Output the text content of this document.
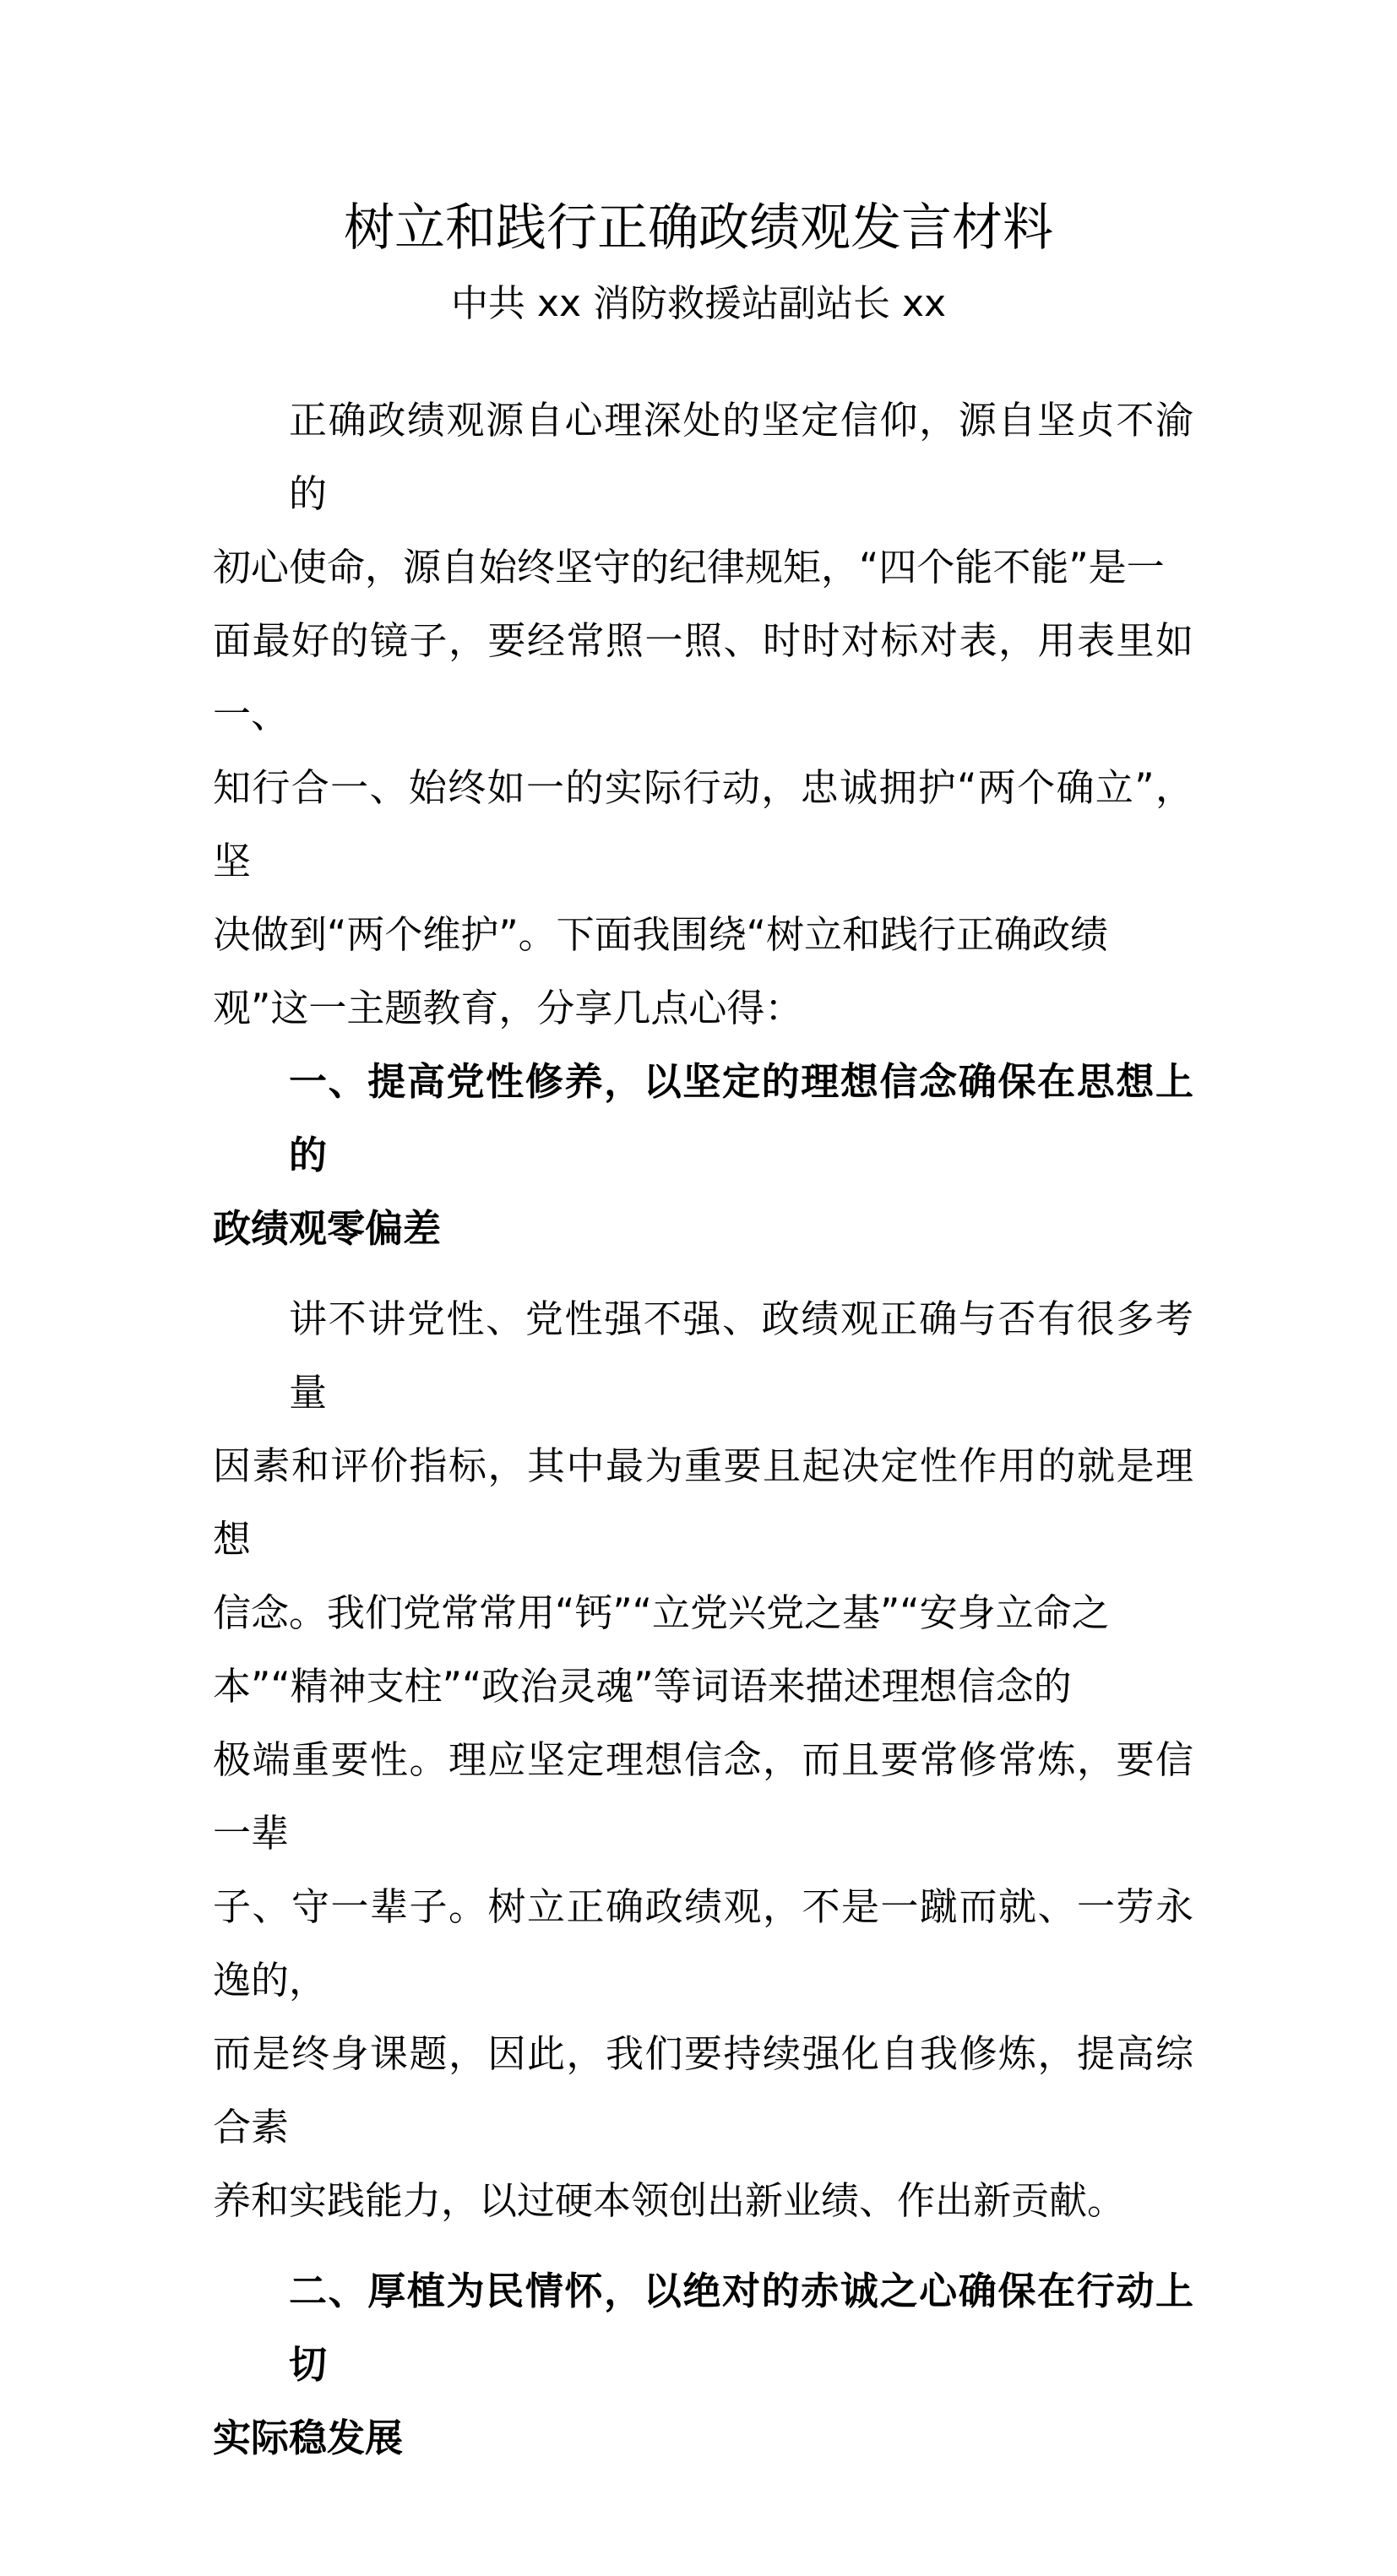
树立和践行正确政绩观发言材料
中共 xx 消防救援站副站长 xx
正确政绩观源自心理深处的坚定信仰，源自坚贞不渝的
初心使命，源自始终坚守的纪律规矩，“四个能不能”是一
面最好的镜子，要经常照一照、时时对标对表，用表里如一、
知行合一、始终如一的实际行动，忠诚拥护“两个确立”，坚
决做到“两个维护”。下面我围绕“树立和践行正确政绩
观”这一主题教育，分享几点心得：
一、提高党性修养，以坚定的理想信念确保在思想上的
政绩观零偏差
讲不讲党性、党性强不强、政绩观正确与否有很多考量
因素和评价指标，其中最为重要且起决定性作用的就是理想
信念。我们党常常用“钙”“立党兴党之基”“安身立命之
本”“精神支柱”“政治灵魂”等词语来描述理想信念的
极端重要性。理应坚定理想信念，而且要常修常炼，要信一辈
子、守一辈子。树立正确政绩观，不是一蹴而就、一劳永逸的，
而是终身课题，因此，我们要持续强化自我修炼，提高综合素
养和实践能力，以过硬本领创出新业绩、作出新贡献。
二、厚植为民情怀，以绝对的赤诚之心确保在行动上切
实际稳发展
